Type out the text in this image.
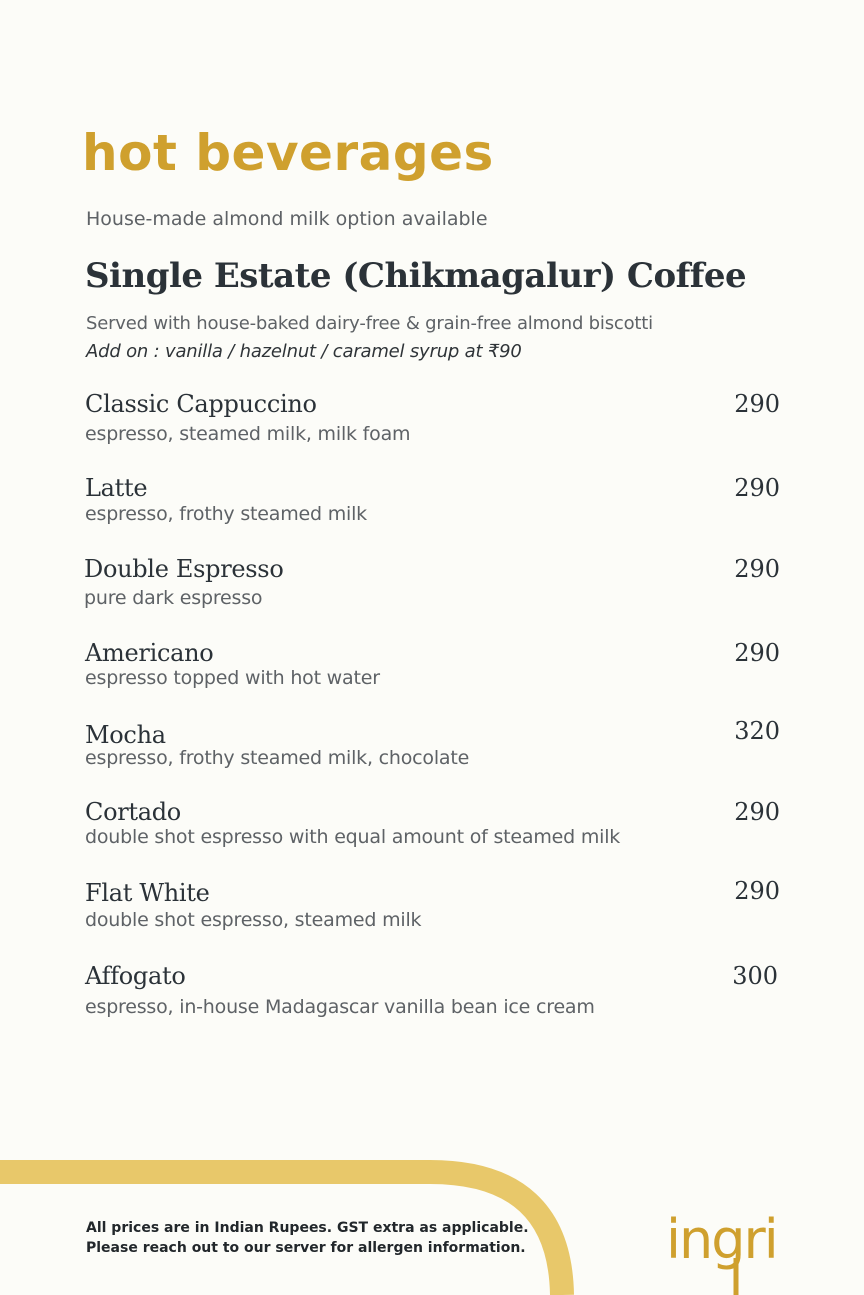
hot beverages
House-made almond milk option available
Single Estate (Chikmagalur) Coffee
Served with house-baked dairy-free & grain-free almond biscotti
Add on : vanilla / hazelnut / caramel syrup at ₹90
Classic Cappuccino
espresso, steamed milk, milk foam
290
Latte
espresso, frothy steamed milk
290
Double Espresso
pure dark espresso
290
Americano
espresso topped with hot water
290
Mocha
espresso, frothy steamed milk, chocolate
320
Cortado
double shot espresso with equal amount of steamed milk
290
Flat White
double shot espresso, steamed milk
290
Affogato
espresso, in-house Madagascar vanilla bean ice cream
300
All prices are in Indian Rupees. GST extra as applicable.
Please reach out to our server for allergen information.	ingri
